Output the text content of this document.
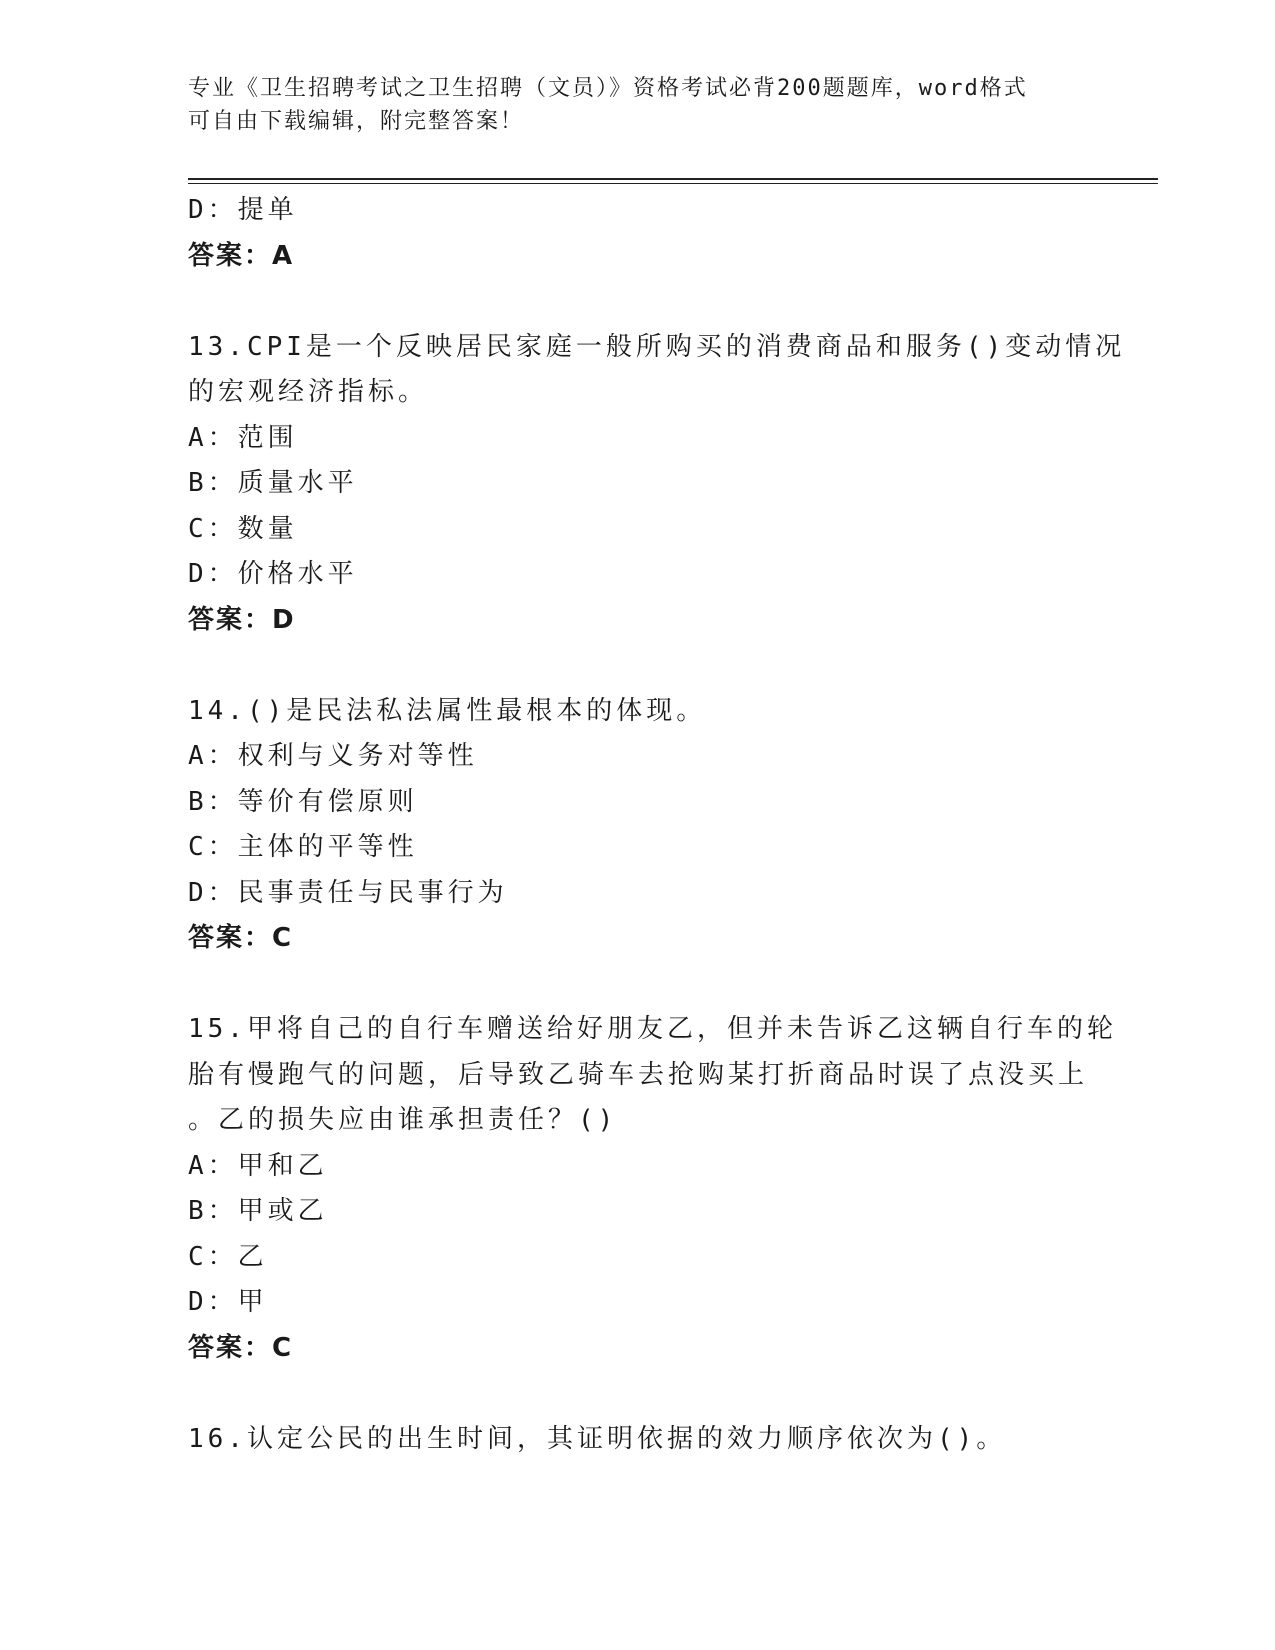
专业《卫生招聘考试之卫生招聘（文员）》资格考试必背200题题库，word格式
可自由下载编辑，附完整答案！
D：提单
答案：A
13.CPI是一个反映居民家庭一般所购买的消费商品和服务()变动情况
的宏观经济指标。
A：范围
B：质量水平
C：数量
D：价格水平
答案：D
14.()是民法私法属性最根本的体现。
A：权利与义务对等性
B：等价有偿原则
C：主体的平等性
D：民事责任与民事行为
答案：C
15.甲将自己的自行车赠送给好朋友乙，但并未告诉乙这辆自行车的轮
胎有慢跑气的问题，后导致乙骑车去抢购某打折商品时误了点没买上
。乙的损失应由谁承担责任？()
A：甲和乙
B：甲或乙
C：乙
D：甲
答案：C
16.认定公民的出生时间，其证明依据的效力顺序依次为()。
